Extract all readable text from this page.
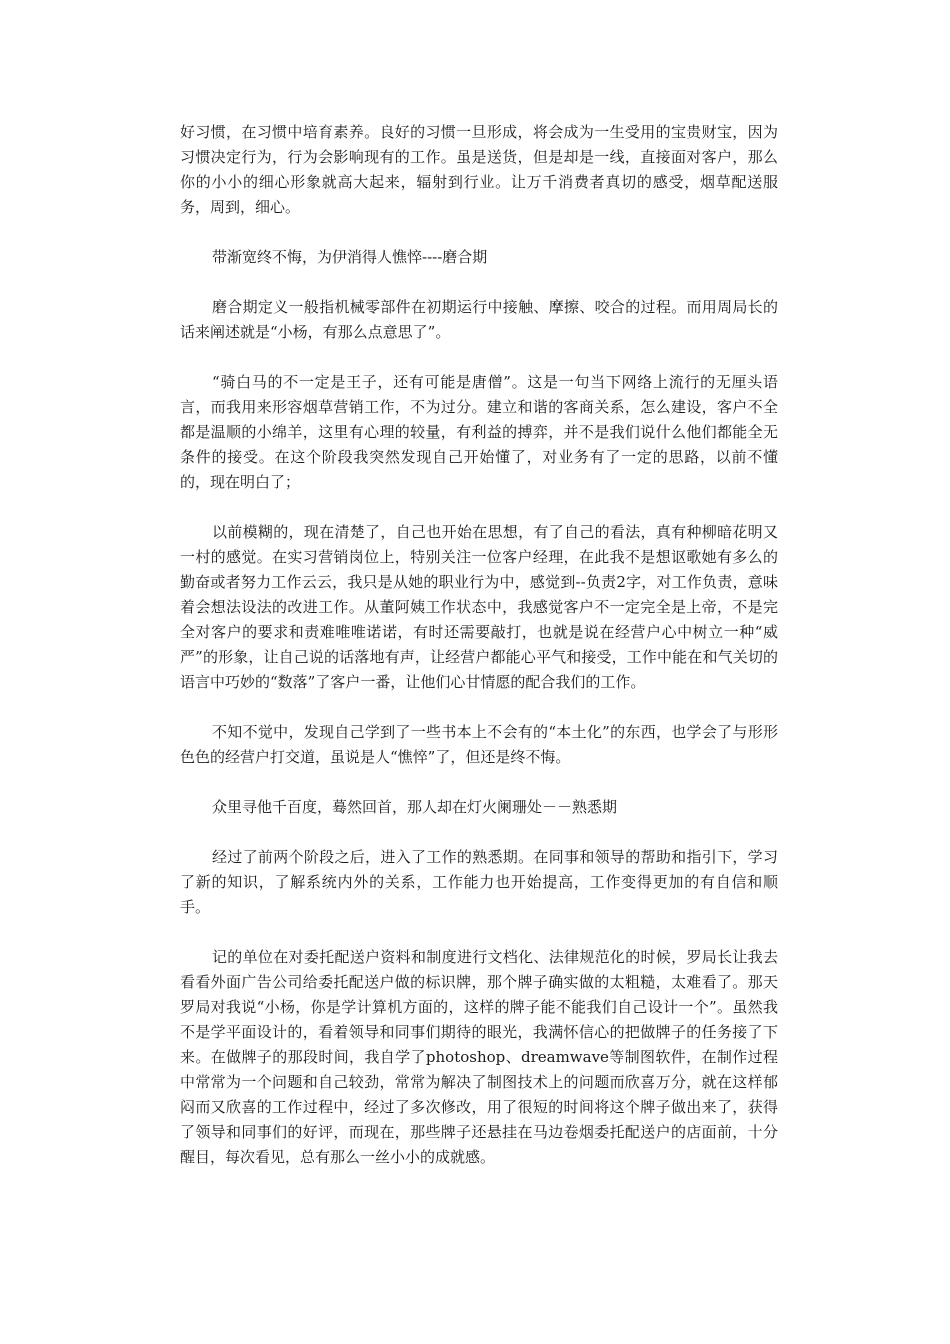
好习惯，在习惯中培育素养。良好的习惯一旦形成，将会成为一生受用的宝贵财宝，因为习惯决定行为，行为会影响现有的工作。虽是送货，但是却是一线，直接面对客户，那么你的小小的细心形象就高大起来，辐射到行业。让万千消费者真切的感受，烟草配送服务，周到，细心。

带渐宽终不悔，为伊消得人憔悴----磨合期

磨合期定义一般指机械零部件在初期运行中接触、摩擦、咬合的过程。而用周局长的话来阐述就是“小杨，有那么点意思了”。

“骑白马的不一定是王子，还有可能是唐僧”。这是一句当下网络上流行的无厘头语言，而我用来形容烟草营销工作，不为过分。建立和谐的客商关系，怎么建设，客户不全都是温顺的小绵羊，这里有心理的较量，有利益的搏弈，并不是我们说什么他们都能全无条件的接受。在这个阶段我突然发现自己开始懂了，对业务有了一定的思路，以前不懂的，现在明白了；

以前模糊的，现在清楚了，自己也开始在思想，有了自己的看法，真有种柳暗花明又一村的感觉。在实习营销岗位上，特别关注一位客户经理，在此我不是想讴歌她有多么的勤奋或者努力工作云云，我只是从她的职业行为中，感觉到--负责2字，对工作负责，意味着会想法设法的改进工作。从董阿姨工作状态中，我感觉客户不一定完全是上帝，不是完全对客户的要求和责难唯唯诺诺，有时还需要敲打，也就是说在经营户心中树立一种“威严”的形象，让自己说的话落地有声，让经营户都能心平气和接受，工作中能在和气关切的语言中巧妙的“数落”了客户一番，让他们心甘情愿的配合我们的工作。

不知不觉中，发现自己学到了一些书本上不会有的“本土化”的东西，也学会了与形形色色的经营户打交道，虽说是人“憔悴”了，但还是终不悔。

众里寻他千百度，蓦然回首，那人却在灯火阑珊处－－熟悉期

经过了前两个阶段之后，进入了工作的熟悉期。在同事和领导的帮助和指引下，学习了新的知识，了解系统内外的关系，工作能力也开始提高，工作变得更加的有自信和顺手。

记的单位在对委托配送户资料和制度进行文档化、法律规范化的时候，罗局长让我去看看外面广告公司给委托配送户做的标识牌，那个牌子确实做的太粗糙，太难看了。那天罗局对我说“小杨，你是学计算机方面的，这样的牌子能不能我们自己设计一个”。虽然我不是学平面设计的，看着领导和同事们期待的眼光，我满怀信心的把做牌子的任务接了下来。在做牌子的那段时间，我自学了photoshop、dreamwave等制图软件，在制作过程中常常为一个问题和自己较劲，常常为解决了制图技术上的问题而欣喜万分，就在这样郁闷而又欣喜的工作过程中，经过了多次修改，用了很短的时间将这个牌子做出来了，获得了领导和同事们的好评，而现在，那些牌子还悬挂在马边卷烟委托配送户的店面前，十分醒目，每次看见，总有那么一丝小小的成就感。
